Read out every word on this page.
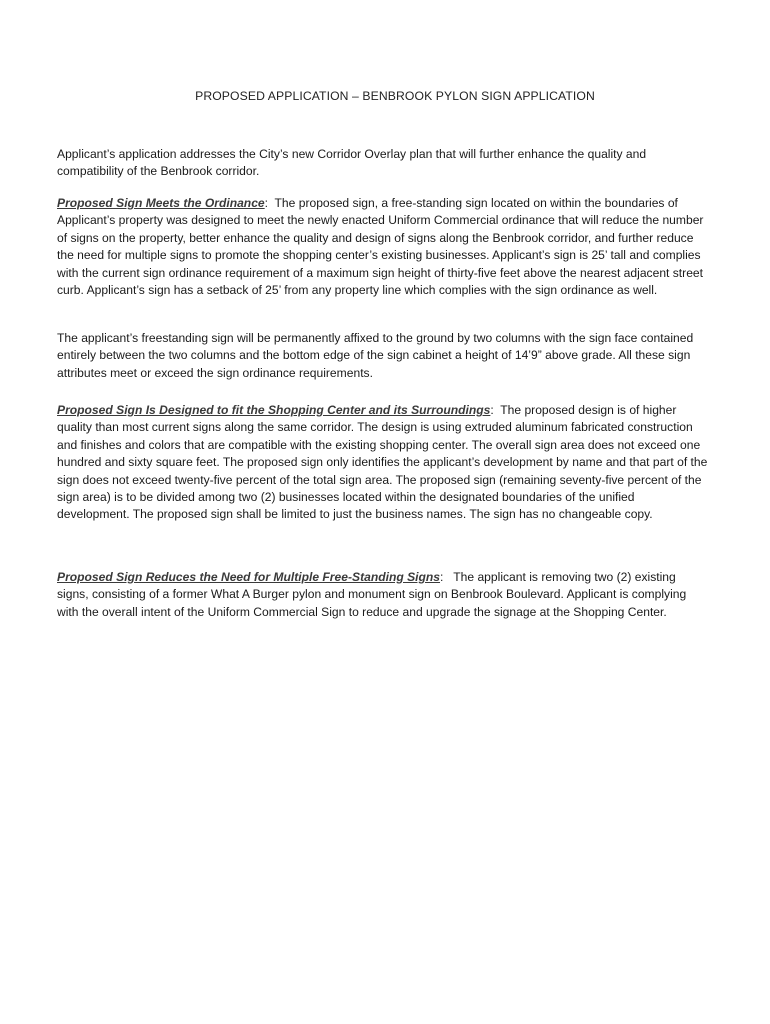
PROPOSED APPLICATION – BENBROOK PYLON SIGN APPLICATION

Applicant’s application addresses the City’s new Corridor Overlay plan that will further enhance the quality and compatibility of the Benbrook corridor.

Proposed Sign Meets the Ordinance:  The proposed sign, a free-standing sign located on within the boundaries of Applicant’s property was designed to meet the newly enacted Uniform Commercial ordinance that will reduce the number of signs on the property, better enhance the quality and design of signs along the Benbrook corridor, and further reduce the need for multiple signs to promote the shopping center’s existing businesses. Applicant’s sign is 25’ tall and complies with the current sign ordinance requirement of a maximum sign height of thirty-five feet above the nearest adjacent street curb. Applicant’s sign has a setback of 25’ from any property line which complies with the sign ordinance as well.

The applicant’s freestanding sign will be permanently affixed to the ground by two columns with the sign face contained entirely between the two columns and the bottom edge of the sign cabinet a height of 14’9” above grade. All these sign attributes meet or exceed the sign ordinance requirements.

Proposed Sign Is Designed to fit the Shopping Center and its Surroundings:  The proposed design is of higher quality than most current signs along the same corridor. The design is using extruded aluminum fabricated construction and finishes and colors that are compatible with the existing shopping center. The overall sign area does not exceed one hundred and sixty square feet. The proposed sign only identifies the applicant’s development by name and that part of the sign does not exceed twenty-five percent of the total sign area. The proposed sign (remaining seventy-five percent of the sign area) is to be divided among two (2) businesses located within the designated boundaries of the unified development. The proposed sign shall be limited to just the business names. The sign has no changeable copy.

Proposed Sign Reduces the Need for Multiple Free-Standing Signs:   The applicant is removing two (2) existing signs, consisting of a former What A Burger pylon and monument sign on Benbrook Boulevard. Applicant is complying with the overall intent of the Uniform Commercial Sign to reduce and upgrade the signage at the Shopping Center.
